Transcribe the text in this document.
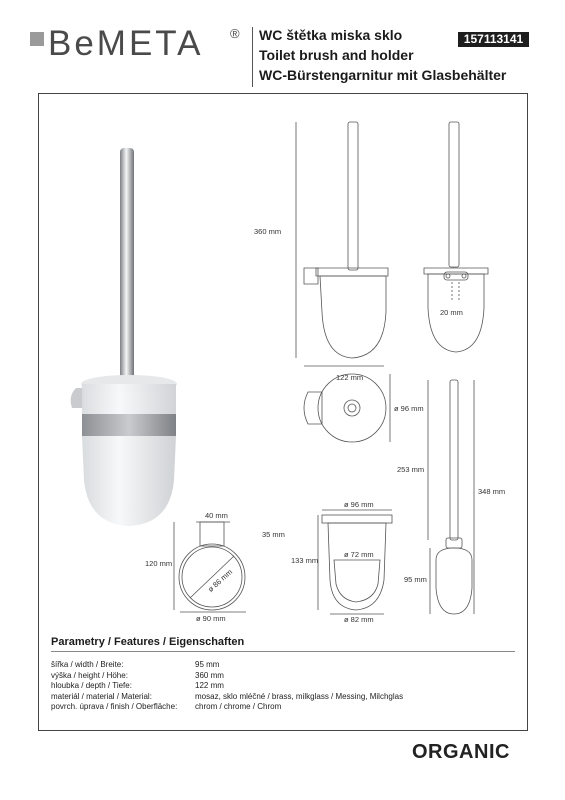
BeMETA ® WC štětka miska sklo
Toilet brush and holder
WC-Bürstengarnitur mit Glasbehälter
157113141
360 mm
122 mm
ø 96 mm
20 mm
253 mm
348 mm
95 mm
40 mm
35 mm
120 mm
ø 86 mm
ø 90 mm
ø 96 mm
133 mm
ø 72 mm
ø 82 mm
Parametry / Features / Eigenschaften
šířka / width / Breite:	95 mm
výška / height / Höhe:	360 mm
hloubka / depth / Tiefe:	122 mm
materiál / material / Material:	mosaz, sklo mléčné / brass, milkglass / Messing, Milchglas
povrch. úprava / finish / Oberfläche:	chrom / chrome / Chrom
ORGANIC
